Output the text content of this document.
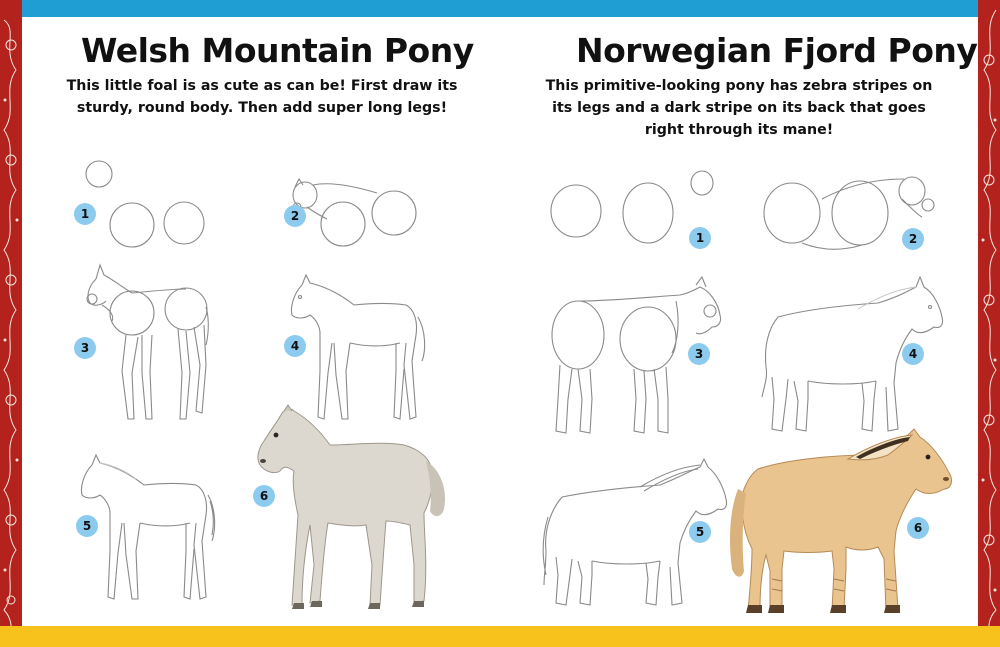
Welsh Mountain Pony

This little foal is as cute as can be! First draw its
sturdy, round body. Then add super long legs!

1	2
3	4
5
6
Norwegian Fjord Pony

This primitive-looking pony has zebra stripes on
its legs and a dark stripe on its back that goes
right through its mane!

1	2
3	4
5	6
